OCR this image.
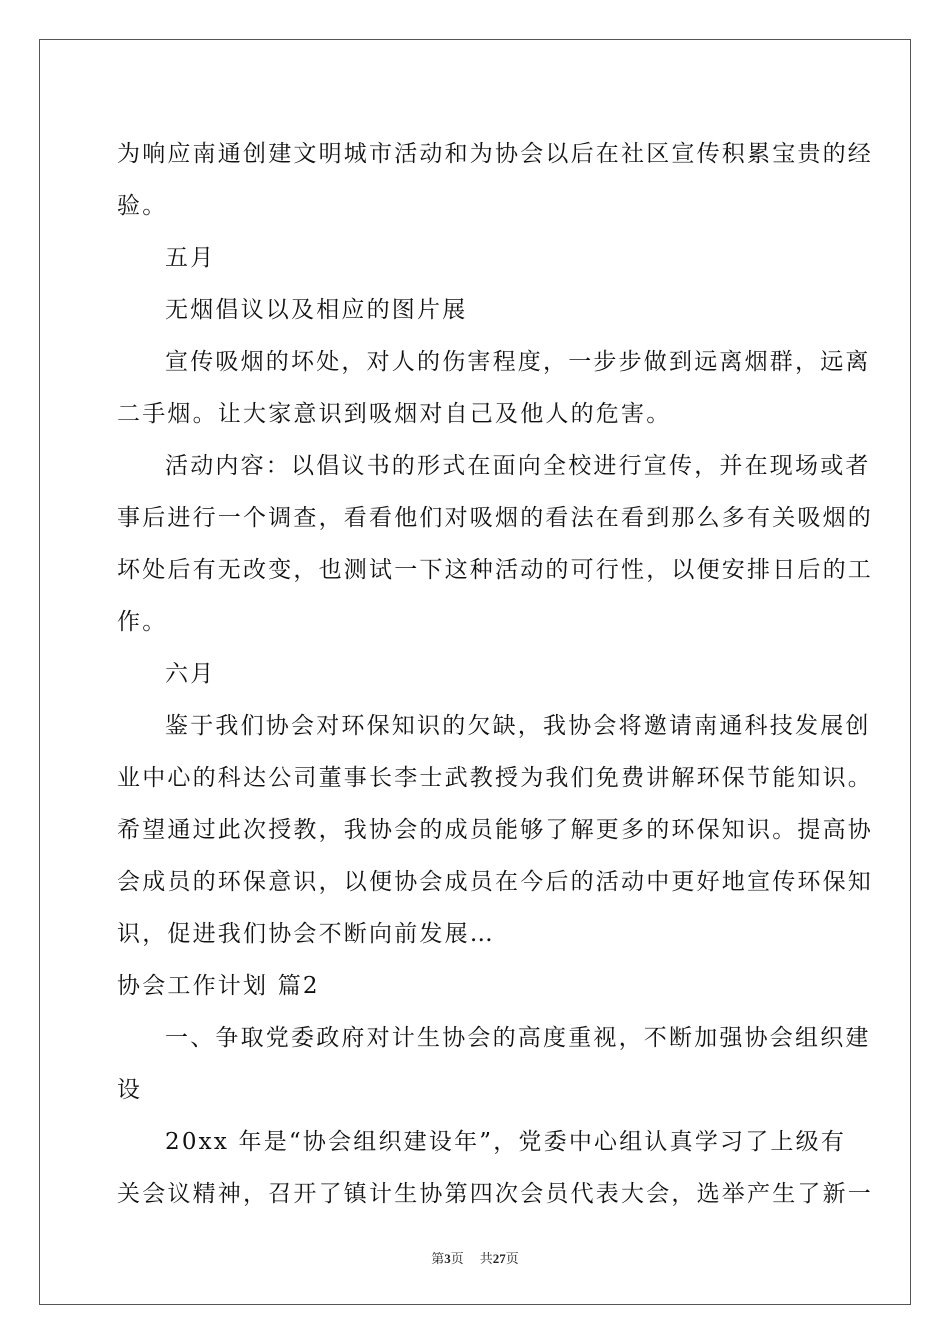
为响应南通创建文明城市活动和为协会以后在社区宣传积累宝贵的经
验。
五月
无烟倡议以及相应的图片展
宣传吸烟的坏处，对人的伤害程度，一步步做到远离烟群，远离
二手烟。让大家意识到吸烟对自己及他人的危害。
活动内容：以倡议书的形式在面向全校进行宣传，并在现场或者
事后进行一个调查，看看他们对吸烟的看法在看到那么多有关吸烟的
坏处后有无改变，也测试一下这种活动的可行性，以便安排日后的工
作。
六月
鉴于我们协会对环保知识的欠缺，我协会将邀请南通科技发展创
业中心的科达公司董事长李士武教授为我们免费讲解环保节能知识。
希望通过此次授教，我协会的成员能够了解更多的环保知识。提高协
会成员的环保意识，以便协会成员在今后的活动中更好地宣传环保知
识，促进我们协会不断向前发展…
协会工作计划 篇2
一、争取党委政府对计生协会的高度重视，不断加强协会组织建
设
20xx 年是“协会组织建设年”，党委中心组认真学习了上级有
关会议精神，召开了镇计生协第四次会员代表大会，选举产生了新一
第3页 共27页
